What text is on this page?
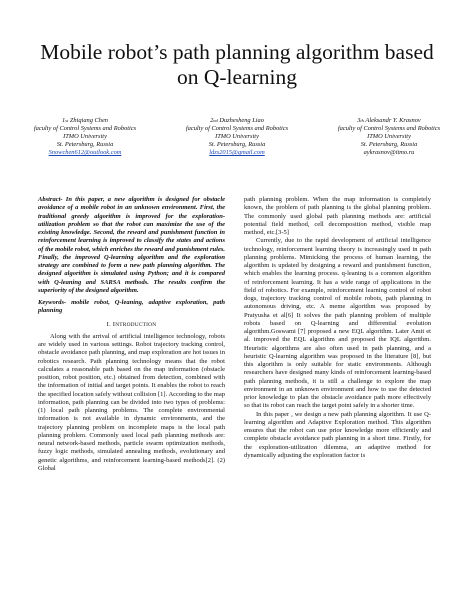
Mobile robot’s path planning algorithm based on Q-learning
1st Zhiqiang Chen
faculty of Control Systems and Robotics
ITMO University
St. Petersburg, Russia
Snowchen612@outlook.com
2nd Duzhesheng Liao
faculty of Control Systems and Robotics
ITMO University
St. Petersburg, Russia
ldzs2015@gmail.com
3th Aleksandr Y. Krasnov
faculty of Control Systems and Robotics
ITMO University
St. Petersburg, Russia
aykrasnov@itmo.ru

Abstract- In this paper, a new algorithm is designed for obstacle avoidance of a mobile robot in an unknown environment. First, the traditional greedy algorithm is improved for the exploration-utilization problem so that the robot can maximize the use of the existing knowledge. Second, the reward and punishment function in reinforcement learning is improved to classify the states and actions of the mobile robot, which enriches the reward and punishment rules. Finally, the improved Q-learning algorithm and the exploration strategy are combined to form a new path planning algorithm. The designed algorithm is simulated using Python; and it is compared with Q-leaning and SARSA methods. The results confirm the superiority of the designed algorithm.

Keywords- mobile robot, Q-leaning, adaptive exploration, path planning

I. INTRODUCTION

Along with the arrival of artificial intelligence technology, robots are widely used in various settings. Robot trajectory tracking control, obstacle avoidance path planning, and map exploration are hot issues in robotics research. Path planning technology means that the robot calculates a reasonable path based on the map information (obstacle position, robot position, etc.) obtained from detection, combined with the information of initial and target points. It enables the robot to reach the specified location safely without collision [1]. According to the map information, path planning can be divided into two types of problems: (1) local path planning problems. The complete environmental information is not available in dynamic environments, and the trajectory planning problem on incomplete maps is the local path planning problem. Commonly used local path planning methods are: neural network-based methods, particle swarm optimization methods, fuzzy logic methods, simulated annealing methods, evolutionary and genetic algorithms, and reinforcement learning-based methods[2]. (2) Global

path planning problem. When the map information is completely known, the problem of path planning is the global planning problem. The commonly used global path planning methods are: artificial potential field method, cell decomposition method, visible map method, etc.[3-5]

Currently, due to the rapid development of artificial intelligence technology, reinforcement learning theory is increasingly used in path planning problems. Mimicking the process of human learning, the algorithm is updated by designing a reward and punishment function, which enables the learning process. q-leaning is a common algorithm of reinforcement learning. It has a wide range of applications in the field of robotics. For example, reinforcement learning control of robot dogs, trajectory tracking control of mobile robots, path planning in autonomous driving, etc. A meme algorithm was proposed by Pratyusha et al[6] It solves the path planning problem of multiple robots based on Q-learning and differential evolution algorithm.Goswami [7] proposed a new EQL algorithm. Later Amit et al. improved the EQL algorithm and proposed the IQL algorithm. Heuristic algorithms are also often used in path planning, and a heuristic Q-learning algorithm was proposed in the literature [8], but this algorithm is only suitable for static environments. Although researchers have designed many kinds of reinforcement learning-based path planning methods, it is still a challenge to explore the map environment in an unknown environment and how to use the detected prior knowledge to plan the obstacle avoidance path more effectively so that its robot can reach the target point safely in a shorter time.

In this paper , we design a new path planning algorithm. It use Q-learning algorithm and Adaptive Exploration method. This algorithm ensures that the robot can use prior knowledge more efficiently and complete obstacle avoidance path planning in a short time. Firstly, for the exploration-utilization dilemma, an adaptive method for dynamically adjusting the exploration factor is
